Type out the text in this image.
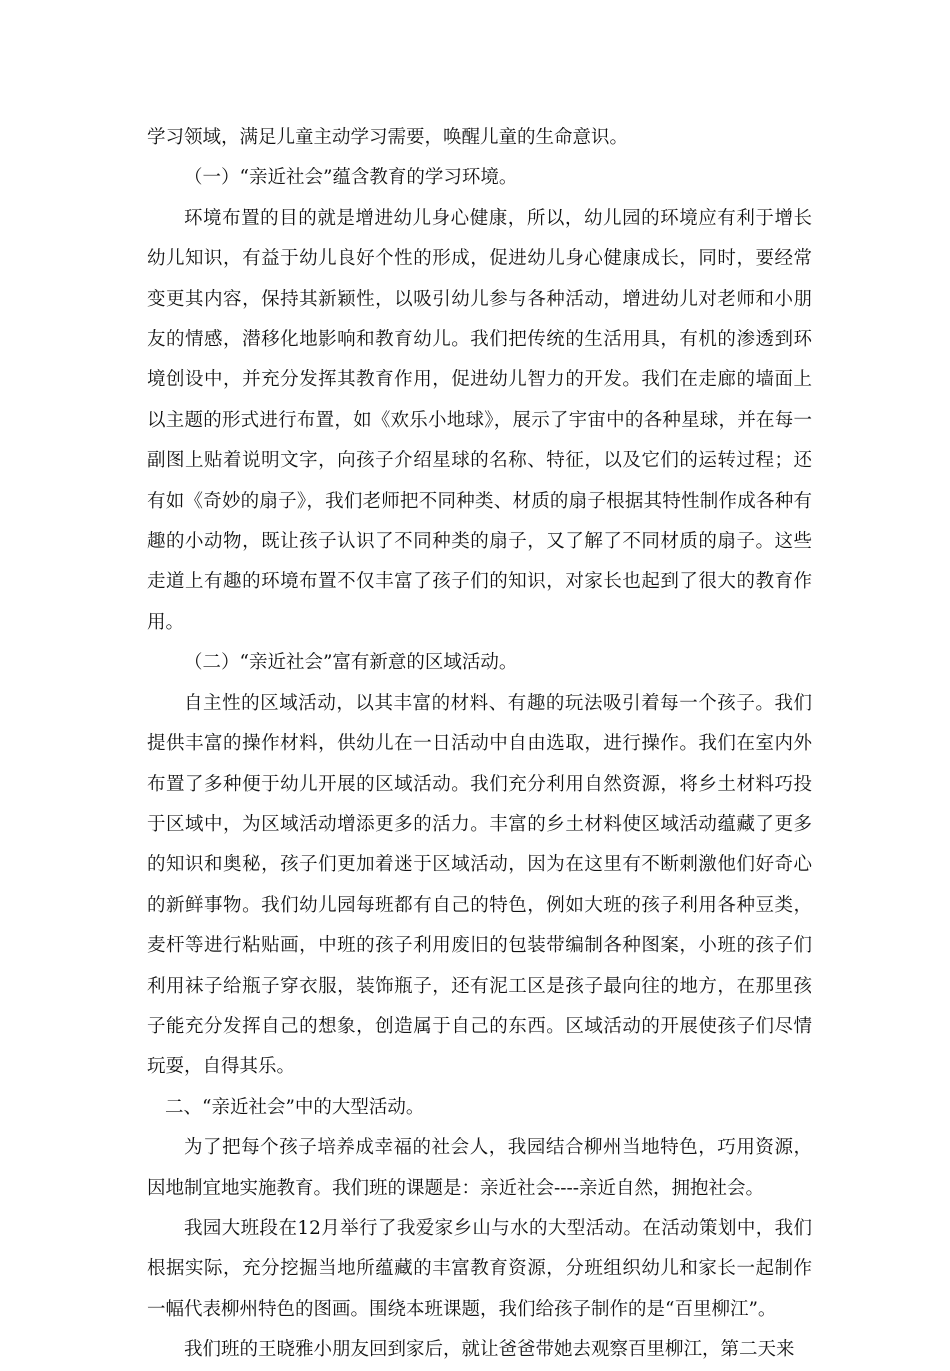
学习领域，满足儿童主动学习需要，唤醒儿童的生命意识。

（一）“亲近社会”蕴含教育的学习环境。

环境布置的目的就是增进幼儿身心健康，所以，幼儿园的环境应有利于增长幼儿知识，有益于幼儿良好个性的形成，促进幼儿身心健康成长，同时，要经常变更其内容，保持其新颖性，以吸引幼儿参与各种活动，增进幼儿对老师和小朋友的情感，潜移化地影响和教育幼儿。我们把传统的生活用具，有机的渗透到环境创设中，并充分发挥其教育作用，促进幼儿智力的开发。我们在走廊的墙面上以主题的形式进行布置，如《欢乐小地球》，展示了宇宙中的各种星球，并在每一副图上贴着说明文字，向孩子介绍星球的名称、特征，以及它们的运转过程；还有如《奇妙的扇子》，我们老师把不同种类、材质的扇子根据其特性制作成各种有趣的小动物，既让孩子认识了不同种类的扇子，又了解了不同材质的扇子。这些走道上有趣的环境布置不仅丰富了孩子们的知识，对家长也起到了很大的教育作用。

（二）“亲近社会”富有新意的区域活动。

自主性的区域活动，以其丰富的材料、有趣的玩法吸引着每一个孩子。我们提供丰富的操作材料，供幼儿在一日活动中自由选取，进行操作。我们在室内外布置了多种便于幼儿开展的区域活动。我们充分利用自然资源，将乡土材料巧投于区域中，为区域活动增添更多的活力。丰富的乡土材料使区域活动蕴藏了更多的知识和奥秘，孩子们更加着迷于区域活动，因为在这里有不断刺激他们好奇心的新鲜事物。我们幼儿园每班都有自己的特色，例如大班的孩子利用各种豆类，麦杆等进行粘贴画，中班的孩子利用废旧的包装带编制各种图案，小班的孩子们利用袜子给瓶子穿衣服，装饰瓶子，还有泥工区是孩子最向往的地方，在那里孩子能充分发挥自己的想象，创造属于自己的东西。区域活动的开展使孩子们尽情玩耍，自得其乐。

二、“亲近社会”中的大型活动。

为了把每个孩子培养成幸福的社会人，我园结合柳州当地特色，巧用资源，因地制宜地实施教育。我们班的课题是：亲近社会----亲近自然，拥抱社会。

我园大班段在12月举行了我爱家乡山与水的大型活动。在活动策划中，我们根据实际，充分挖掘当地所蕴藏的丰富教育资源，分班组织幼儿和家长一起制作一幅代表柳州特色的图画。围绕本班课题，我们给孩子制作的是“百里柳江”。

我们班的王晓雅小朋友回到家后，就让爸爸带她去观察百里柳江，第二天来
